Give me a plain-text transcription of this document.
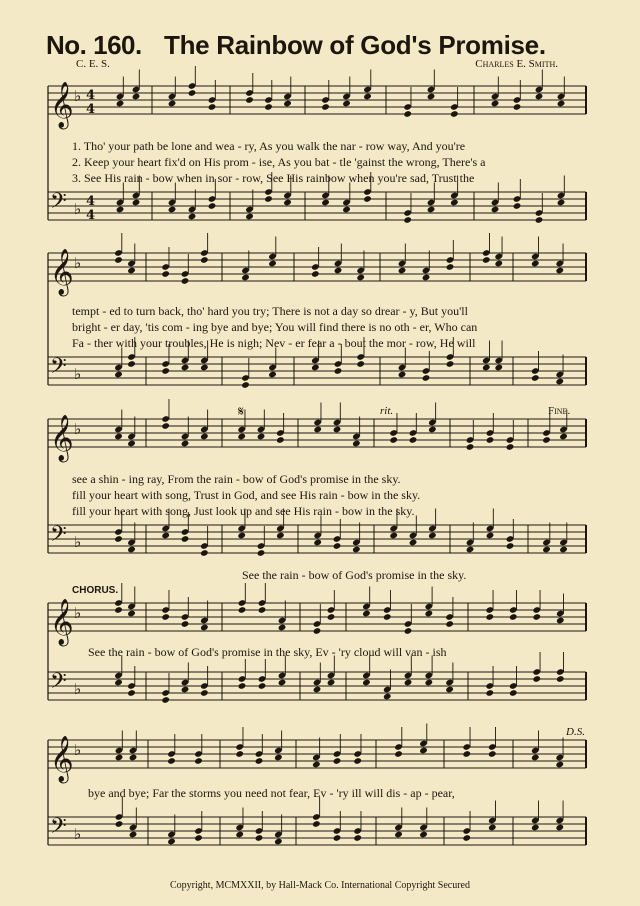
No. 160. The Rainbow of God's Promise.
C. E. S.	Charles E. Smith.
𝄞 ♭ 4
4
𝄢 ♭ 4
4
𝄞 ♭
𝄢 ♭
𝄞 ♭
𝄢 ♭
𝄞 ♭
𝄢 ♭
𝄞 ♭
𝄢 ♭
1. Tho' your path be lone and wea - ry, As you walk the nar - row way, And you're
2. Keep your heart fix'd on His prom - ise, As you bat - tle 'gainst the wrong, There's a
3. See His rain - bow when in sor - row, See His rainbow when you're sad, Trust the
tempt - ed to turn back, tho' hard you try; There is not a day so drear - y, But you'll
bright - er day, 'tis com - ing bye and bye; You will find there is no oth - er, Who can
Fa - ther with your troubles, He is nigh; Nev - er fear a - bout the mor - row, He will
𝄋	rit.	Fine.
see a shin - ing ray, From the rain - bow of God's promise in the sky.
fill your heart with song, Trust in God, and see His rain - bow in the sky.
fill your heart with song, Just look up and see His rain - bow in the sky.
See the rain - bow of God's promise in the sky.
CHORUS.
See the rain - bow of God's promise in the sky, Ev - 'ry cloud will van - ish
D.S.
bye and bye; Far the storms you need not fear, Ev - 'ry ill will dis - ap - pear,
Copyright, MCMXXII, by Hall-Mack Co. International Copyright Secured
